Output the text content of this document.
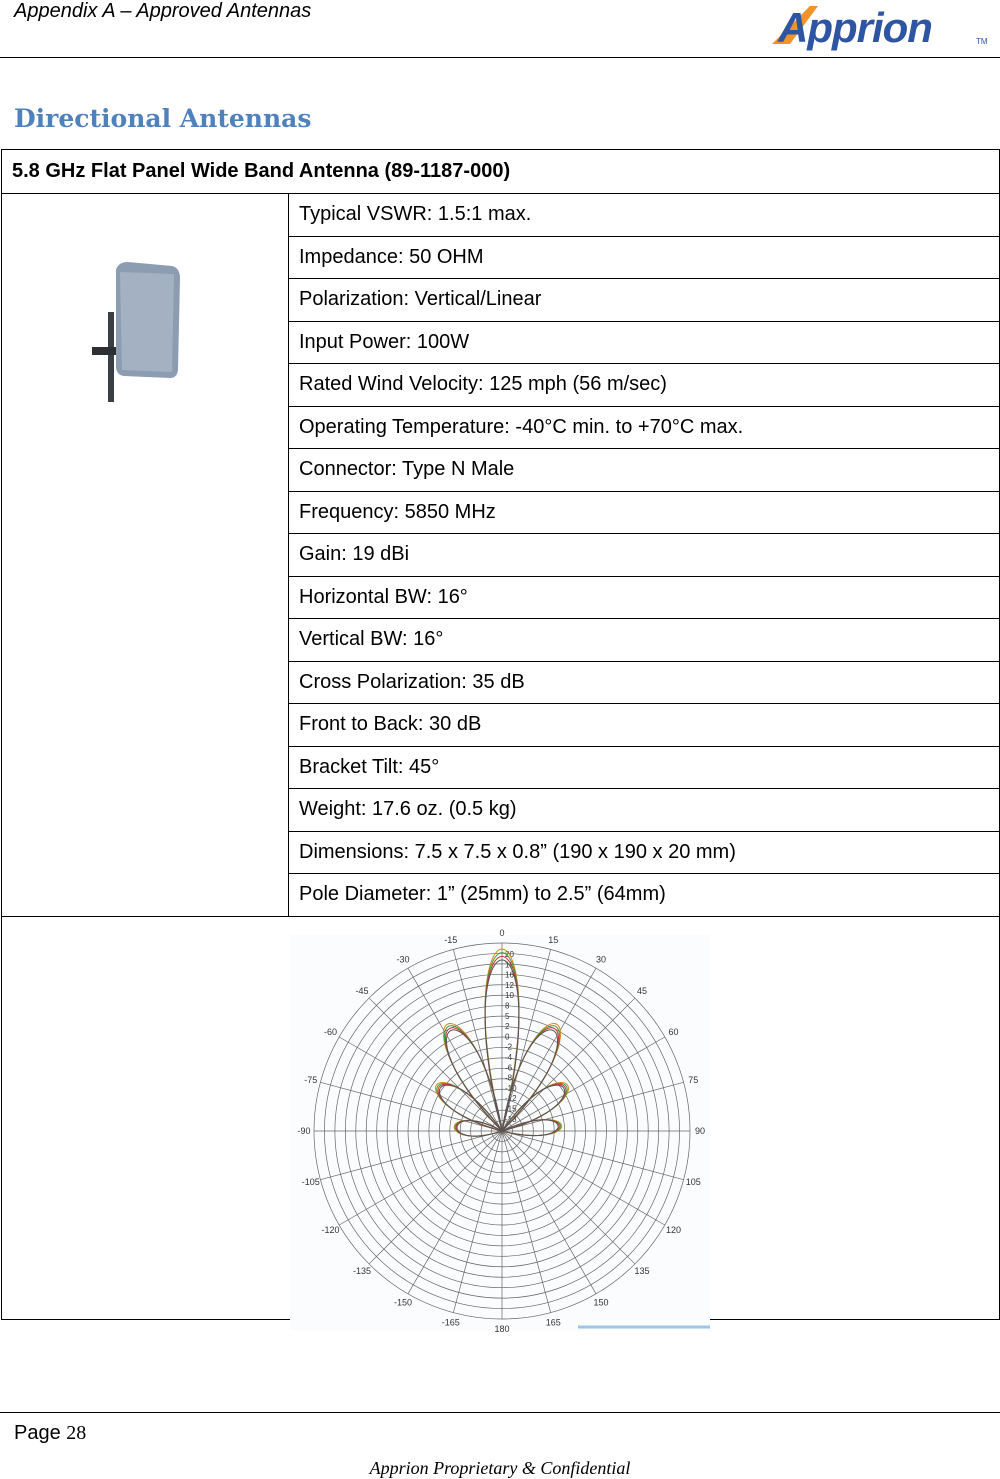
Appendix A – Approved Antennas	Apprion	TM
Directional Antennas
5.8 GHz Flat Panel Wide Band Antenna (89-1187-000)
	Typical VSWR: 1.5:1 max.
Impedance: 50 OHM
Polarization: Vertical/Linear
Input Power: 100W
Rated Wind Velocity: 125 mph (56 m/sec)
Operating Temperature: -40°C min. to +70°C max.
Connector: Type N Male
Frequency: 5850 MHz
Gain: 19 dBi
Horizontal BW: 16°
Vertical BW: 16°
Cross Polarization: 35 dB
Front to Back: 30 dB
Bracket Tilt: 45°
Weight: 17.6 oz. (0.5 kg)
Dimensions: 7.5 x 7.5 x 0.8” (190 x 190 x 20 mm)
Pole Diameter: 1” (25mm) to 2.5” (64mm)

0
15
30
45
60
75
90
105
120
135
150
165
180
-165
-150
-135
-120
-105
-90
-75
-60
-45
-30
-15
20
18
16
12
10
8
5
2
0
-2
-4
-6
-8
-10
-12
-15
-18
Page 28
Apprion Proprietary & Confidential
